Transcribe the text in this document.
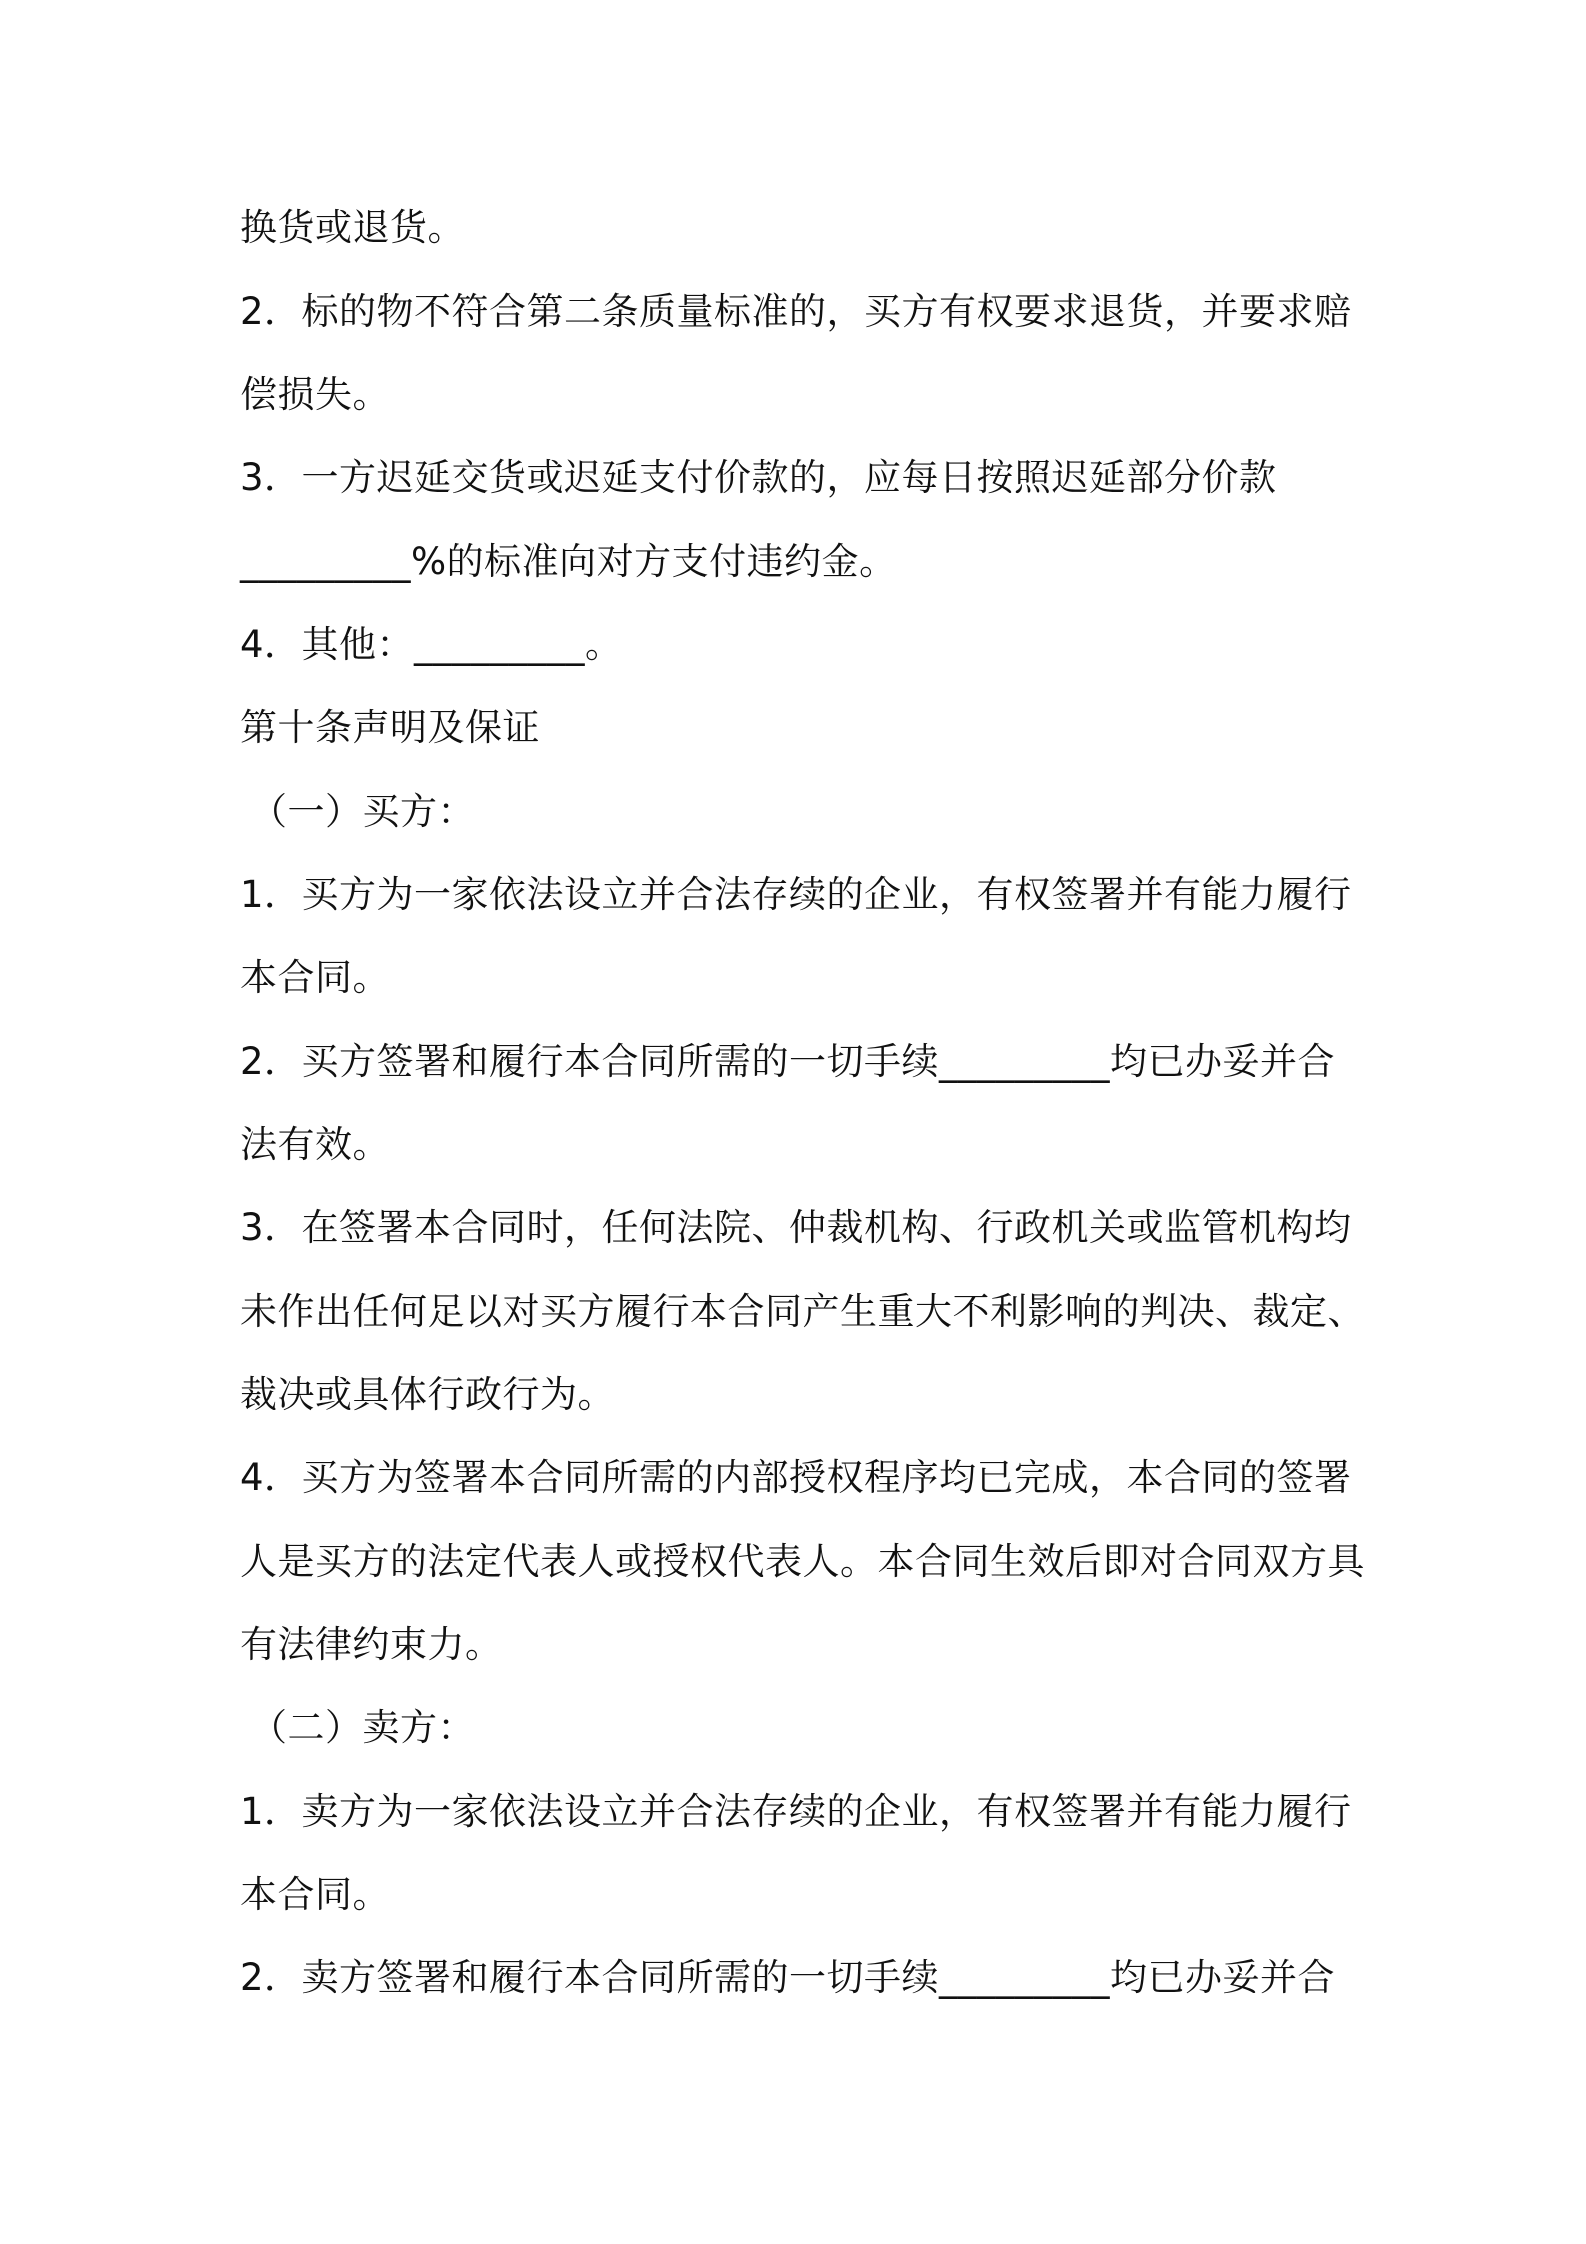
换货或退货。

2．标的物不符合第二条质量标准的，买方有权要求退货，并要求赔

偿损失。

3．一方迟延交货或迟延支付价款的，应每日按照迟延部分价款

_________%的标准向对方支付违约金。

4．其他：_________。

第十条声明及保证

（一）买方：

1．买方为一家依法设立并合法存续的企业，有权签署并有能力履行

本合同。

2．买方签署和履行本合同所需的一切手续_________均已办妥并合

法有效。

3．在签署本合同时，任何法院、仲裁机构、行政机关或监管机构均

未作出任何足以对买方履行本合同产生重大不利影响的判决、裁定、

裁决或具体行政行为。

4．买方为签署本合同所需的内部授权程序均已完成，本合同的签署

人是买方的法定代表人或授权代表人。本合同生效后即对合同双方具

有法律约束力。

（二）卖方：

1．卖方为一家依法设立并合法存续的企业，有权签署并有能力履行

本合同。

2．卖方签署和履行本合同所需的一切手续_________均已办妥并合
